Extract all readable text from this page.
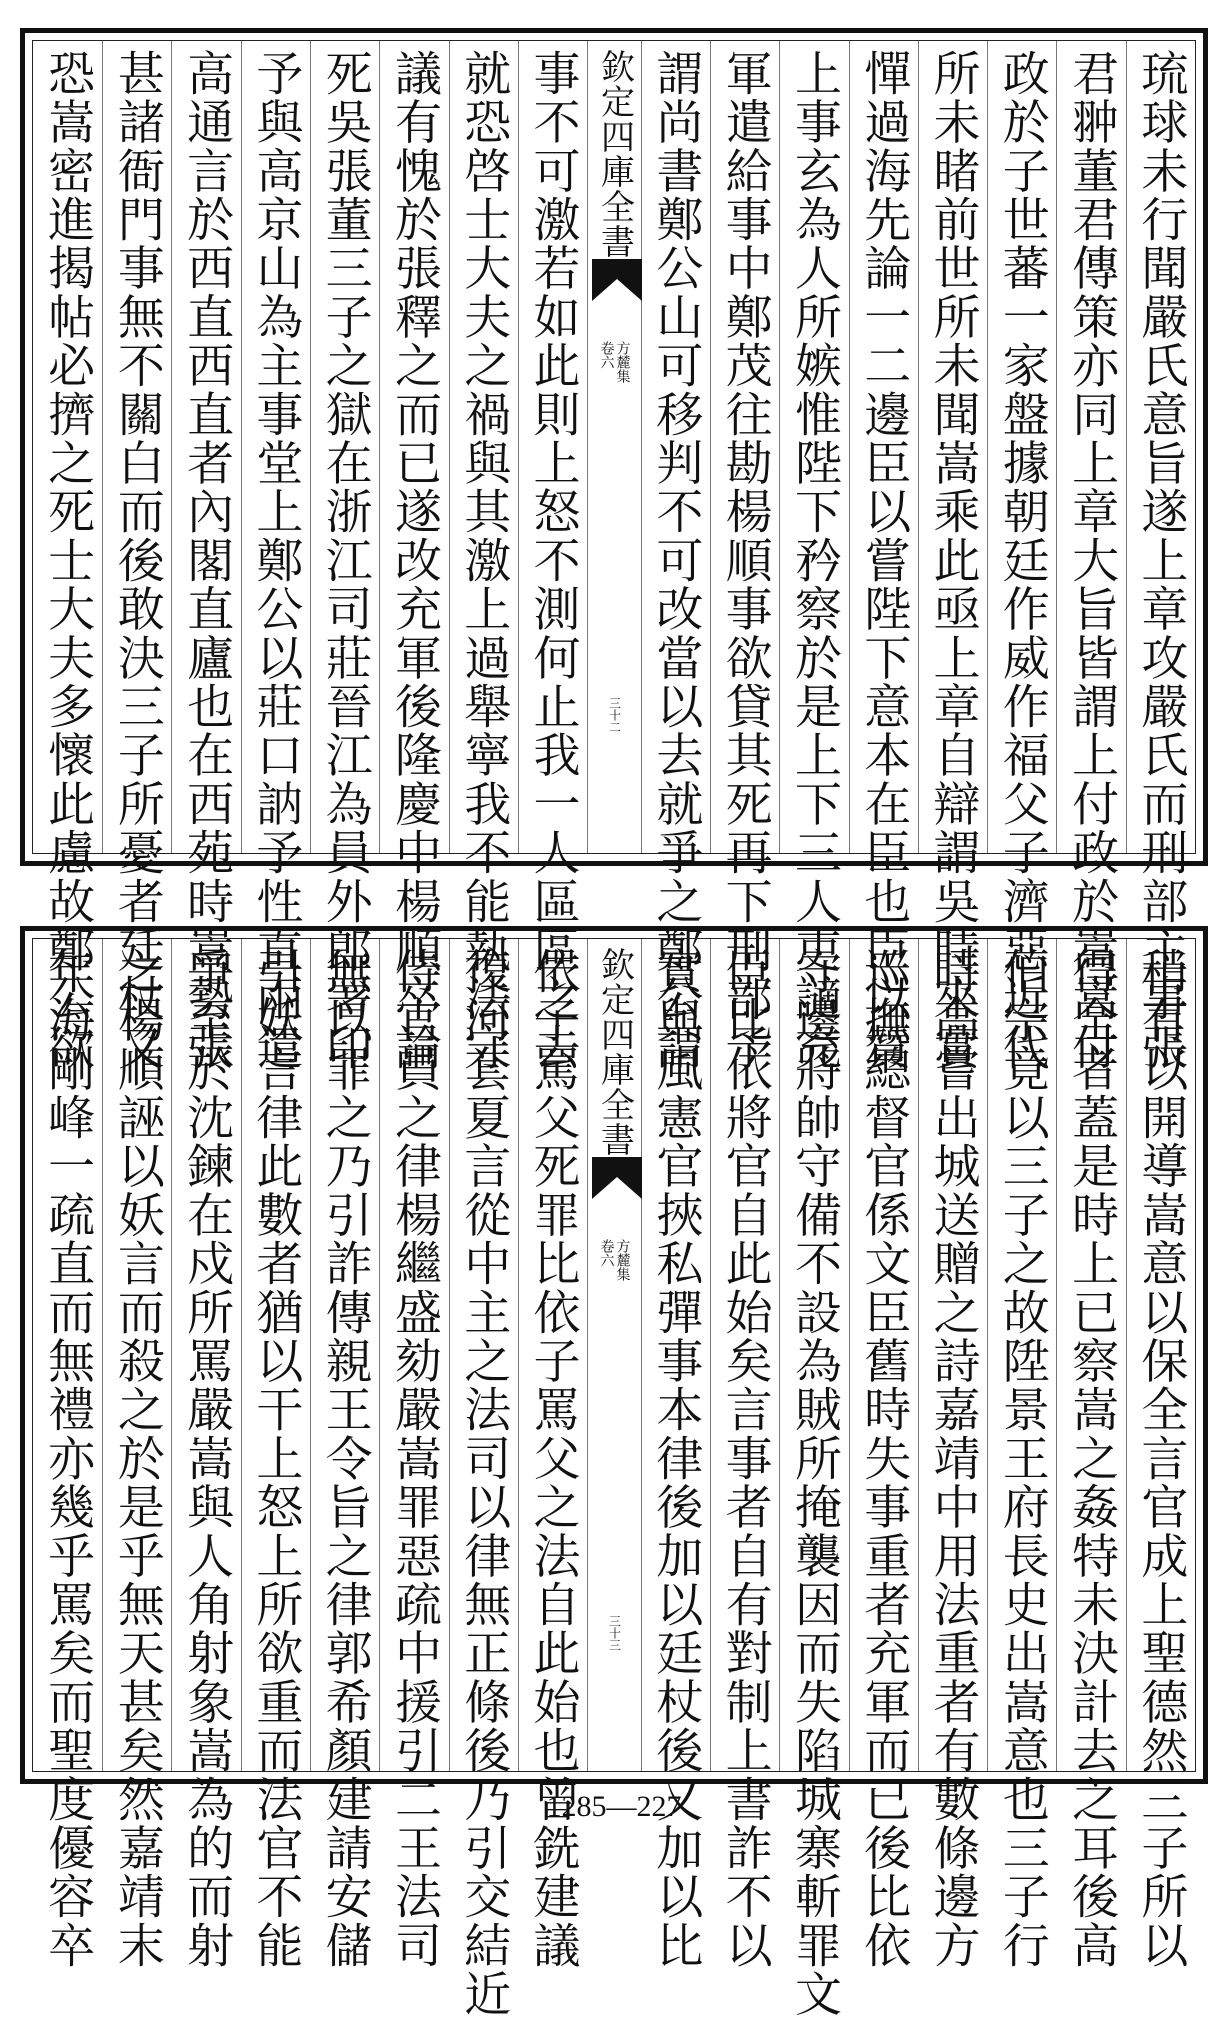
琉球未行聞嚴氏意旨遂上章攻嚴氏而刑部主事張
君翀董君傳策亦同上章大旨皆謂上付政於嵩嵩付
政於子世蕃一家盤據朝廷作威作福父子濟惡近代
所未睹前世所未聞嵩乘此亟上章自辯謂吳時來實
憚過海先論一二邊臣以嘗陛下意本在臣也臣以贊
上事玄為人所嫉惟陛下矜察於是上下三人吏讁充
軍遣給事中鄭茂往勘楊順事欲貸其死再下刑部予
謂尚書鄭公山可移判不可改當以去就爭之鄭公謂
欽定四庫全書
方麓集
卷六
三十二
事不可激若如此則上怒不測何止我一人區區之去
就恐啓士大夫之禍與其激上過舉寧我不能執法守
議有愧於張釋之而已遂改充軍後隆慶中楊順卒論
死吳張董三子之獄在浙江司莊晉江為員外郎署印
予與高京山為主事堂上鄭公以莊口訥予性直兩遣
高通言於西直西直者內閣直廬也在西苑時嵩勢張
甚諸衙門事無不關白而後敢決三子所憂者廷杖又
恐嵩密進揭帖必擠之死士大夫多懷此慮故鄭公欲
稍有以開導嵩意以保全言官成上聖德然三子所以
得全者蓋是時上已察嵩之姦特未決計去之耳後高
伯宗竟以三子之故陞景王府長史出嵩意也三子行
時高嘗出城送贈之詩嘉靖中用法重者有數條邊方
巡撫總督官係文臣舊時失事重者充軍而已後比依
守邊將帥守備不設為賊所掩襲因而失陷城寨斬罪文
臣比依將官自此始矣言事者自有對制上書詐不以
實與風憲官挾私彈事本律後加以廷杖後又加以比
欽定四庫全書
方麓集
卷六
三十三
依子罵父死罪比依子罵父之法自此始也曾銑建議
復河套夏言從中主之法司以律無正條後乃引交結近
侍官員之律楊繼盛劾嚴嵩罪惡疏中援引二王法司
無以罪之乃引詐傳親王令旨之律郭希顏建請安儲
引妖言律此數者猶以干上怒上所欲重而法官不能
爭至於沈鍊在戍所罵嚴嵩與人角射象嵩為的而射
之楊順誣以妖言而殺之於是乎無天甚矣然嘉靖末
年海剛峰一疏直而無禮亦幾乎罵矣而聖度優容卒	1285—227
